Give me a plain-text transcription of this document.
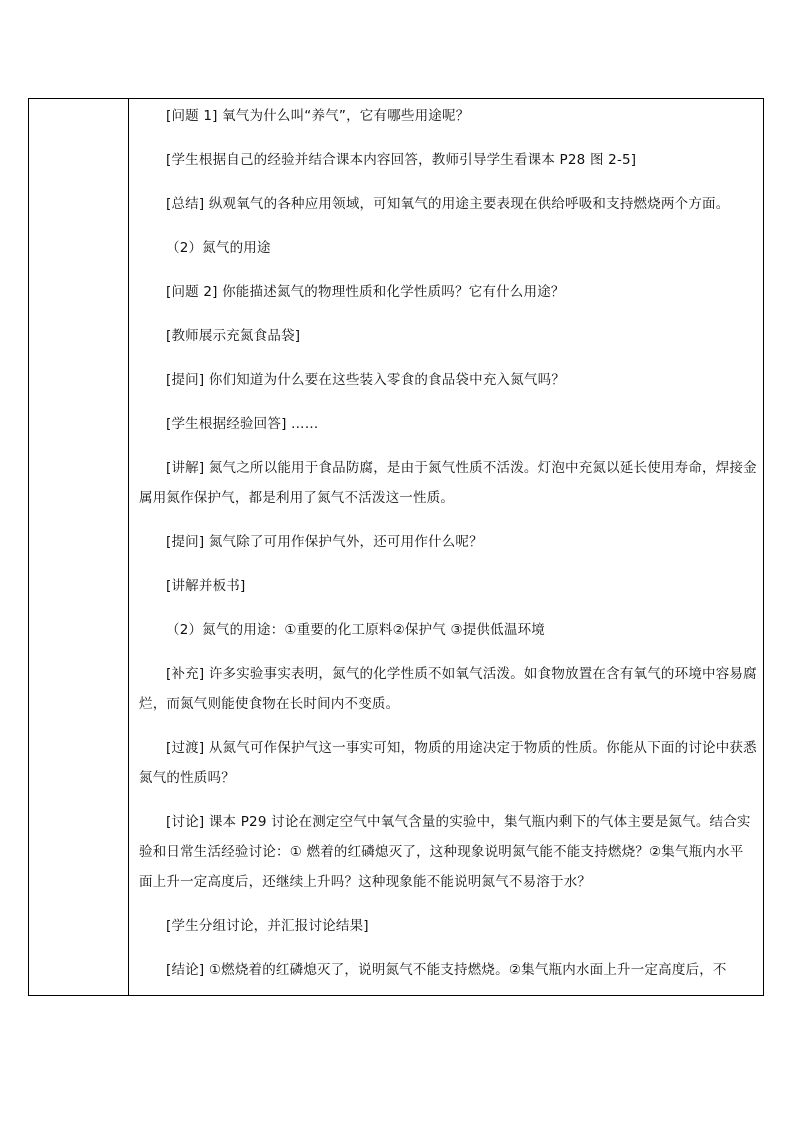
[问题 1] 氧气为什么叫“养气”，它有哪些用途呢？

[学生根据自己的经验并结合课本内容回答，教师引导学生看课本 P28 图 2-5]

[总结] 纵观氧气的各种应用领域，可知氧气的用途主要表现在供给呼吸和支持燃烧两个方面。

（2）氮气的用途

[问题 2] 你能描述氮气的物理性质和化学性质吗？它有什么用途？

[教师展示充氮食品袋]

[提问] 你们知道为什么要在这些装入零食的食品袋中充入氮气吗？

[学生根据经验回答] ……

[讲解] 氮气之所以能用于食品防腐，是由于氮气性质不活泼。灯泡中充氮以延长使用寿命，焊接金属用氮作保护气，都是利用了氮气不活泼这一性质。

[提问] 氮气除了可用作保护气外，还可用作什么呢？

[讲解并板书]

（2）氮气的用途：①重要的化工原料②保护气 ③提供低温环境

[补充] 许多实验事实表明，氮气的化学性质不如氧气活泼。如食物放置在含有氧气的环境中容易腐烂，而氮气则能使食物在长时间内不变质。

[过渡] 从氮气可作保护气这一事实可知，物质的用途决定于物质的性质。你能从下面的讨论中获悉氮气的性质吗？

[讨论] 课本 P29 讨论在测定空气中氧气含量的实验中，集气瓶内剩下的气体主要是氮气。结合实验和日常生活经验讨论：① 燃着的红磷熄灭了，这种现象说明氮气能不能支持燃烧？②集气瓶内水平面上升一定高度后，还继续上升吗？这种现象能不能说明氮气不易溶于水？

[学生分组讨论，并汇报讨论结果]

[结论] ①燃烧着的红磷熄灭了，说明氮气不能支持燃烧。②集气瓶内水面上升一定高度后，不
